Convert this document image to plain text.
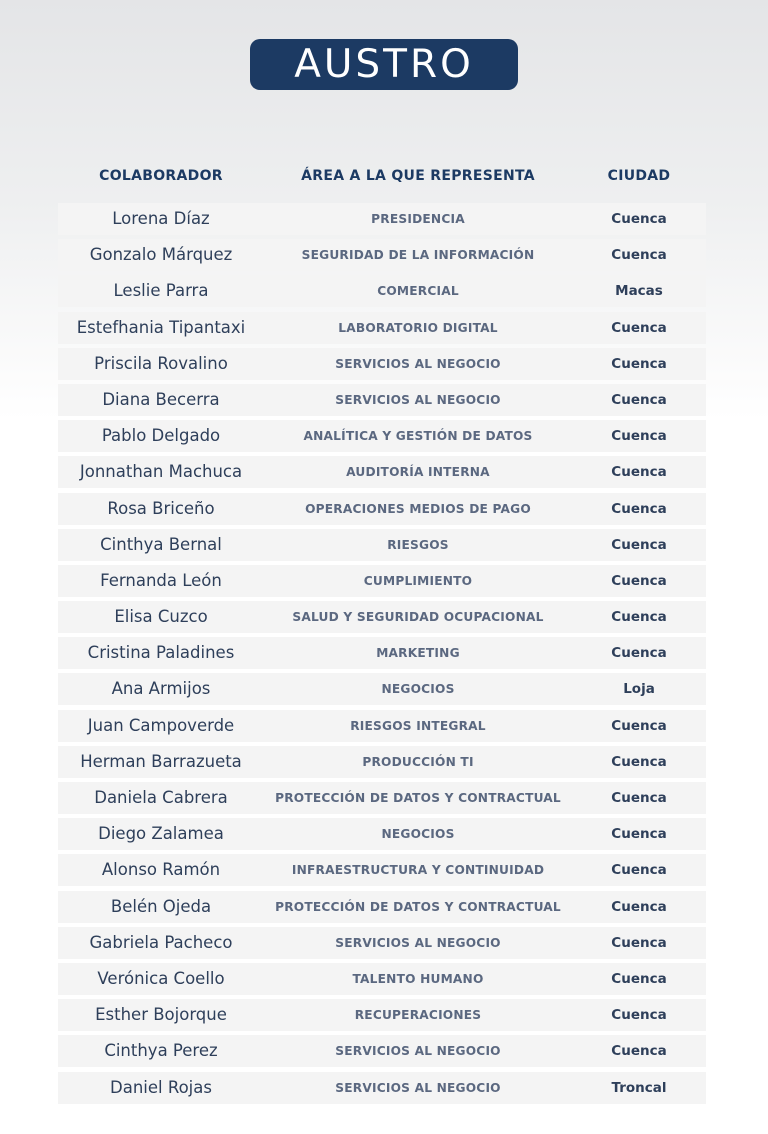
AUSTRO
COLABORADOR	ÁREA A LA QUE REPRESENTA	CIUDAD
Lorena Díaz	PRESIDENCIA	Cuenca
Gonzalo Márquez	SEGURIDAD DE LA INFORMACIÓN	Cuenca
Leslie Parra	COMERCIAL	Macas
Estefhania Tipantaxi	LABORATORIO DIGITAL	Cuenca
Priscila Rovalino	SERVICIOS AL NEGOCIO	Cuenca
Diana Becerra	SERVICIOS AL NEGOCIO	Cuenca
Pablo Delgado	ANALÍTICA Y GESTIÓN DE DATOS	Cuenca
Jonnathan Machuca	AUDITORÍA INTERNA	Cuenca
Rosa Briceño	OPERACIONES MEDIOS DE PAGO	Cuenca
Cinthya Bernal	RIESGOS	Cuenca
Fernanda León	CUMPLIMIENTO	Cuenca
Elisa Cuzco	SALUD Y SEGURIDAD OCUPACIONAL	Cuenca
Cristina Paladines	MARKETING	Cuenca
Ana Armijos	NEGOCIOS	Loja
Juan Campoverde	RIESGOS INTEGRAL	Cuenca
Herman Barrazueta	PRODUCCIÓN TI	Cuenca
Daniela Cabrera	PROTECCIÓN DE DATOS Y CONTRACTUAL	Cuenca
Diego Zalamea	NEGOCIOS	Cuenca
Alonso Ramón	INFRAESTRUCTURA Y CONTINUIDAD	Cuenca
Belén Ojeda	PROTECCIÓN DE DATOS Y CONTRACTUAL	Cuenca
Gabriela Pacheco	SERVICIOS AL NEGOCIO	Cuenca
Verónica Coello	TALENTO HUMANO	Cuenca
Esther Bojorque	RECUPERACIONES	Cuenca
Cinthya Perez	SERVICIOS AL NEGOCIO	Cuenca
Daniel Rojas	SERVICIOS AL NEGOCIO	Troncal
